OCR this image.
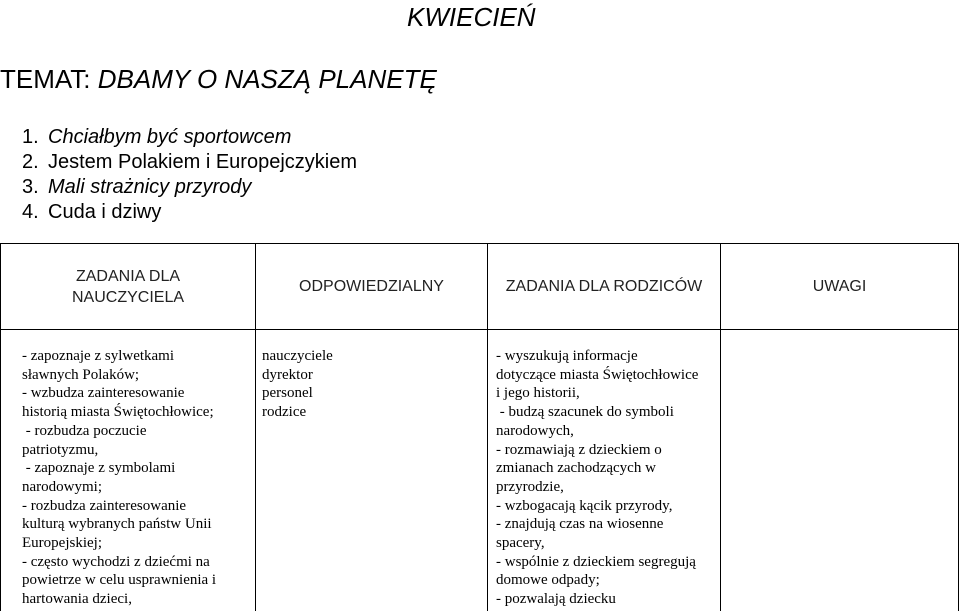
KWIECIEŃ
TEMAT: DBAMY O NASZĄ PLANETĘ
1. Chciałbym być sportowcem
2. Jestem Polakiem i Europejczykiem
3. Mali strażnicy przyrody
4. Cuda i dziwy
ZADANIA DLA
NAUCZYCIELA
ODPOWIEDZIALNY	ZADANIA DLA RODZICÓW	UWAGI
- zapoznaje z sylwetkami
sławnych Polaków;
- wzbudza zainteresowanie
historią miasta Świętochłowice;
- rozbudza poczucie
patriotyzmu,
- zapoznaje z symbolami
narodowymi;
- rozbudza zainteresowanie
kulturą wybranych państw Unii
Europejskiej;
- często wychodzi z dziećmi na
powietrze w celu usprawnienia i
hartowania dzieci,
nauczyciele
dyrektor
personel
rodzice
- wyszukują informacje
dotyczące miasta Świętochłowice
i jego historii,
- budzą szacunek do symboli
narodowych,
- rozmawiają z dzieckiem o
zmianach zachodzących w
przyrodzie,
- wzbogacają kącik przyrody,
- znajdują czas na wiosenne
spacery,
- wspólnie z dzieckiem segregują
domowe odpady;
- pozwalają dziecku
